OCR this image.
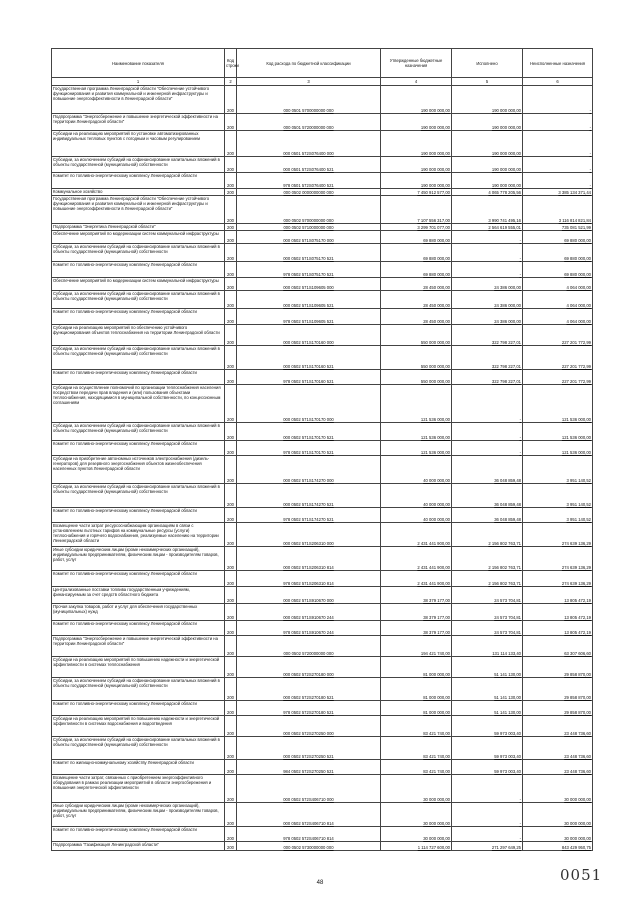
Наименование показателя	Код строки	Код расхода по бюджетной классификации	Утвержденные бюджетные назначения	Исполнено	Неисполненные назначения
1	2	3	4	5	6
Государственная программа Ленинградской области "Обеспечение устойчивого функционирования и развития коммунальной и инженерной инфраструктуры и повышение энергоэффективности в Ленинградской области"	200	000 0501 5700000000 000	190 000 000,00	190 000 000,00	-
Подпрограмма "Энергосбережение и повышение энергетической эффективности на территории Ленинградской области"	200	000 0501 5720000000 000	190 000 000,00	190 000 000,00	-
Субсидии на реализацию мероприятий по установке автоматизированных индивидуальных тепловых пунктов с погодным и часовым регулированием	200	000 0501 572S076400 000	190 000 000,00	190 000 000,00	-
Субсидии, за исключением субсидий на софинансирование капитальных вложений в объекты государственной (муниципальной) собственности	200	000 0501 572S076400 521	190 000 000,00	190 000 000,00	-
Комитет по топливно-энергетическому комплексу Ленинградской области	200	978 0501 572S076400 521	190 000 000,00	190 000 000,00	-
Коммунальное хозяйство	200	000 0502 0000000000 000	7 450 912 577,00	4 065 778 205,56	3 385 134 371,44
Государственная программа Ленинградской области "Обеспечение устойчивого функционирования и развития коммунальной и инженерной инфраструктуры и повышение энергоэффективности в Ленинградской области"	200	000 0502 5700000000 000	7 107 556 317,00	3 990 741 495,16	3 116 814 821,84
Подпрограмма "Энергетика Ленинградской области"	200	000 0502 5710000000 000	3 299 701 077,00	2 564 619 555,01	735 081 521,99
Обеспечение мероприятий по модернизации систем коммунальной инфраструктуры	200	000 0502 571S075170 000	69 880 000,00	-	69 880 000,00
Субсидии, за исключением субсидий на софинансирование капитальных вложений в объекты государственной (муниципальной) собственности	200	000 0502 571S075170 521	69 880 000,00	-	69 880 000,00
Комитет по топливно-энергетическому комплексу Ленинградской области	200	978 0502 571S075170 521	69 880 000,00	-	69 880 000,00
Обеспечение мероприятий по модернизации систем коммунальной инфраструктуры	200	000 0502 571S109605 000	28 450 000,00	24 386 000,00	4 064 000,00
Субсидии, за исключением субсидий на софинансирование капитальных вложений в объекты государственной (муниципальной) собственности	200	000 0502 571S109605 521	28 450 000,00	24 386 000,00	4 064 000,00
Комитет по топливно-энергетическому комплексу Ленинградской области	200	978 0502 571S109605 521	28 450 000,00	24 386 000,00	4 064 000,00
Субсидии на реализацию мероприятий по обеспечению устойчивого функционирования объектов теплоснабжения на территории Ленинградской области	200	000 0502 571S170160 000	550 000 000,00	322 798 227,01	227 201 772,99
Субсидии, за исключением субсидий на софинансирование капитальных вложений в объекты государственной (муниципальной) собственности	200	000 0502 571S170160 521	550 000 000,00	322 798 227,01	227 201 772,99
Комитет по топливно-энергетическому комплексу Ленинградской области	200	978 0502 571S170160 521	550 000 000,00	322 798 227,01	227 201 772,99
Субсидии на осуществление полномочий по организации теплоснабжения населения посредством передачи прав владения и (или) пользования объектами теплоснабжения, находящимися в муниципальной собственности, по концессионным соглашениям	200	000 0502 571S170170 000	121 536 000,00	-	121 536 000,00
Субсидии, за исключением субсидий на софинансирование капитальных вложений в объекты государственной (муниципальной) собственности	200	000 0502 571S170170 521	121 536 000,00	-	121 536 000,00
Комитет по топливно-энергетическому комплексу Ленинградской области	200	978 0502 571S170170 521	121 536 000,00	-	121 536 000,00
Субсидии на приобретение автономных источников электроснабжения (дизель-генераторов) для резервного энергоснабжения объектов жизнеобеспечения населенных пунктов Ленинградской области	200	000 0502 571S174270 000	40 000 000,00	36 048 859,48	3 951 140,52
Субсидии, за исключением субсидий на софинансирование капитальных вложений в объекты государственной (муниципальной) собственности	200	000 0502 571S174270 521	40 000 000,00	36 048 859,48	3 951 140,52
Комитет по топливно-энергетическому комплексу Ленинградской области	200	978 0502 571S174270 521	40 000 000,00	36 048 859,48	3 951 140,52
Возмещение части затрат ресурсоснабжающим организациям в связи с установлением льготных тарифов на коммунальные ресурсы (услуги) теплоснабжения и горячего водоснабжения, реализуемые населению на территории Ленинградской области	200	000 0502 571S206310 000	2 431 441 900,00	2 156 802 763,71	274 639 136,29
Иные субсидии юридическим лицам (кроме некоммерческих организаций), индивидуальным предпринимателям, физическим лицам - производителям товаров, работ, услуг	200	000 0502 571S206310 814	2 431 441 900,00	2 156 802 763,71	274 639 136,29
Комитет по топливно-энергетическому комплексу Ленинградской области	200	978 0502 571S206310 814	2 431 441 900,00	2 156 802 763,71	274 639 136,29
Централизованные поставки топлива государственным учреждениям, финансируемым за счет средств областного бюджета	200	000 0502 571S910670 000	38 379 177,00	24 573 704,81	13 805 472,19
Прочая закупка товаров, работ и услуг для обеспечения государственных (муниципальных) нужд	200	000 0502 571S910670 244	38 379 177,00	24 573 704,81	13 805 472,19
Комитет по топливно-энергетическому комплексу Ленинградской области	200	978 0502 571S910670 244	38 379 177,00	24 573 704,81	13 805 472,19
Подпрограмма "Энергосбережение и повышение энергетической эффективности на территории Ленинградской области"	200	000 0502 5720000000 000	194 421 740,00	131 114 133,40	63 307 606,60
Субсидии на реализацию мероприятий по повышению надежности и энергетической эффективности в системах теплоснабжения	200	000 0502 572S270180 000	81 000 000,00	51 141 130,00	29 858 870,00
Субсидии, за исключением субсидий на софинансирование капитальных вложений в объекты государственной (муниципальной) собственности	200	000 0502 572S270180 521	81 000 000,00	51 141 130,00	29 858 870,00
Комитет по топливно-энергетическому комплексу Ленинградской области	200	978 0502 572S270180 521	81 000 000,00	51 141 130,00	29 858 870,00
Субсидии на реализацию мероприятий по повышению надежности и энергетической эффективности в системах водоснабжения и водоотведения	200	000 0502 572S270250 000	83 421 740,00	59 973 003,40	23 448 736,60
Субсидии, за исключением субсидий на софинансирование капитальных вложений в объекты государственной (муниципальной) собственности	200	000 0502 572S270250 521	83 421 740,00	59 973 003,40	23 448 736,60
Комитет по жилищно-коммунальному хозяйству Ленинградской области	200	984 0502 572S270250 521	83 421 740,00	59 973 003,40	23 448 736,60
Возмещение части затрат, связанных с приобретением энергоэффективного оборудования в рамках реализации мероприятий в области энергосбережения и повышения энергетической эффективности	200	000 0502 572S406710 000	30 000 000,00	-	30 000 000,00
Иные субсидии юридическим лицам (кроме некоммерческих организаций), индивидуальным предпринимателям, физическим лицам - производителям товаров, работ, услуг	200	000 0502 572S406710 814	30 000 000,00	-	30 000 000,00
Комитет по топливно-энергетическому комплексу Ленинградской области	200	978 0502 572S406710 814	30 000 000,00	-	30 000 000,00
Подпрограмма "Газификация Ленинградской области"	200	000 0502 5730000000 000	1 114 727 600,00	271 297 649,25	843 429 950,75
48	0051
